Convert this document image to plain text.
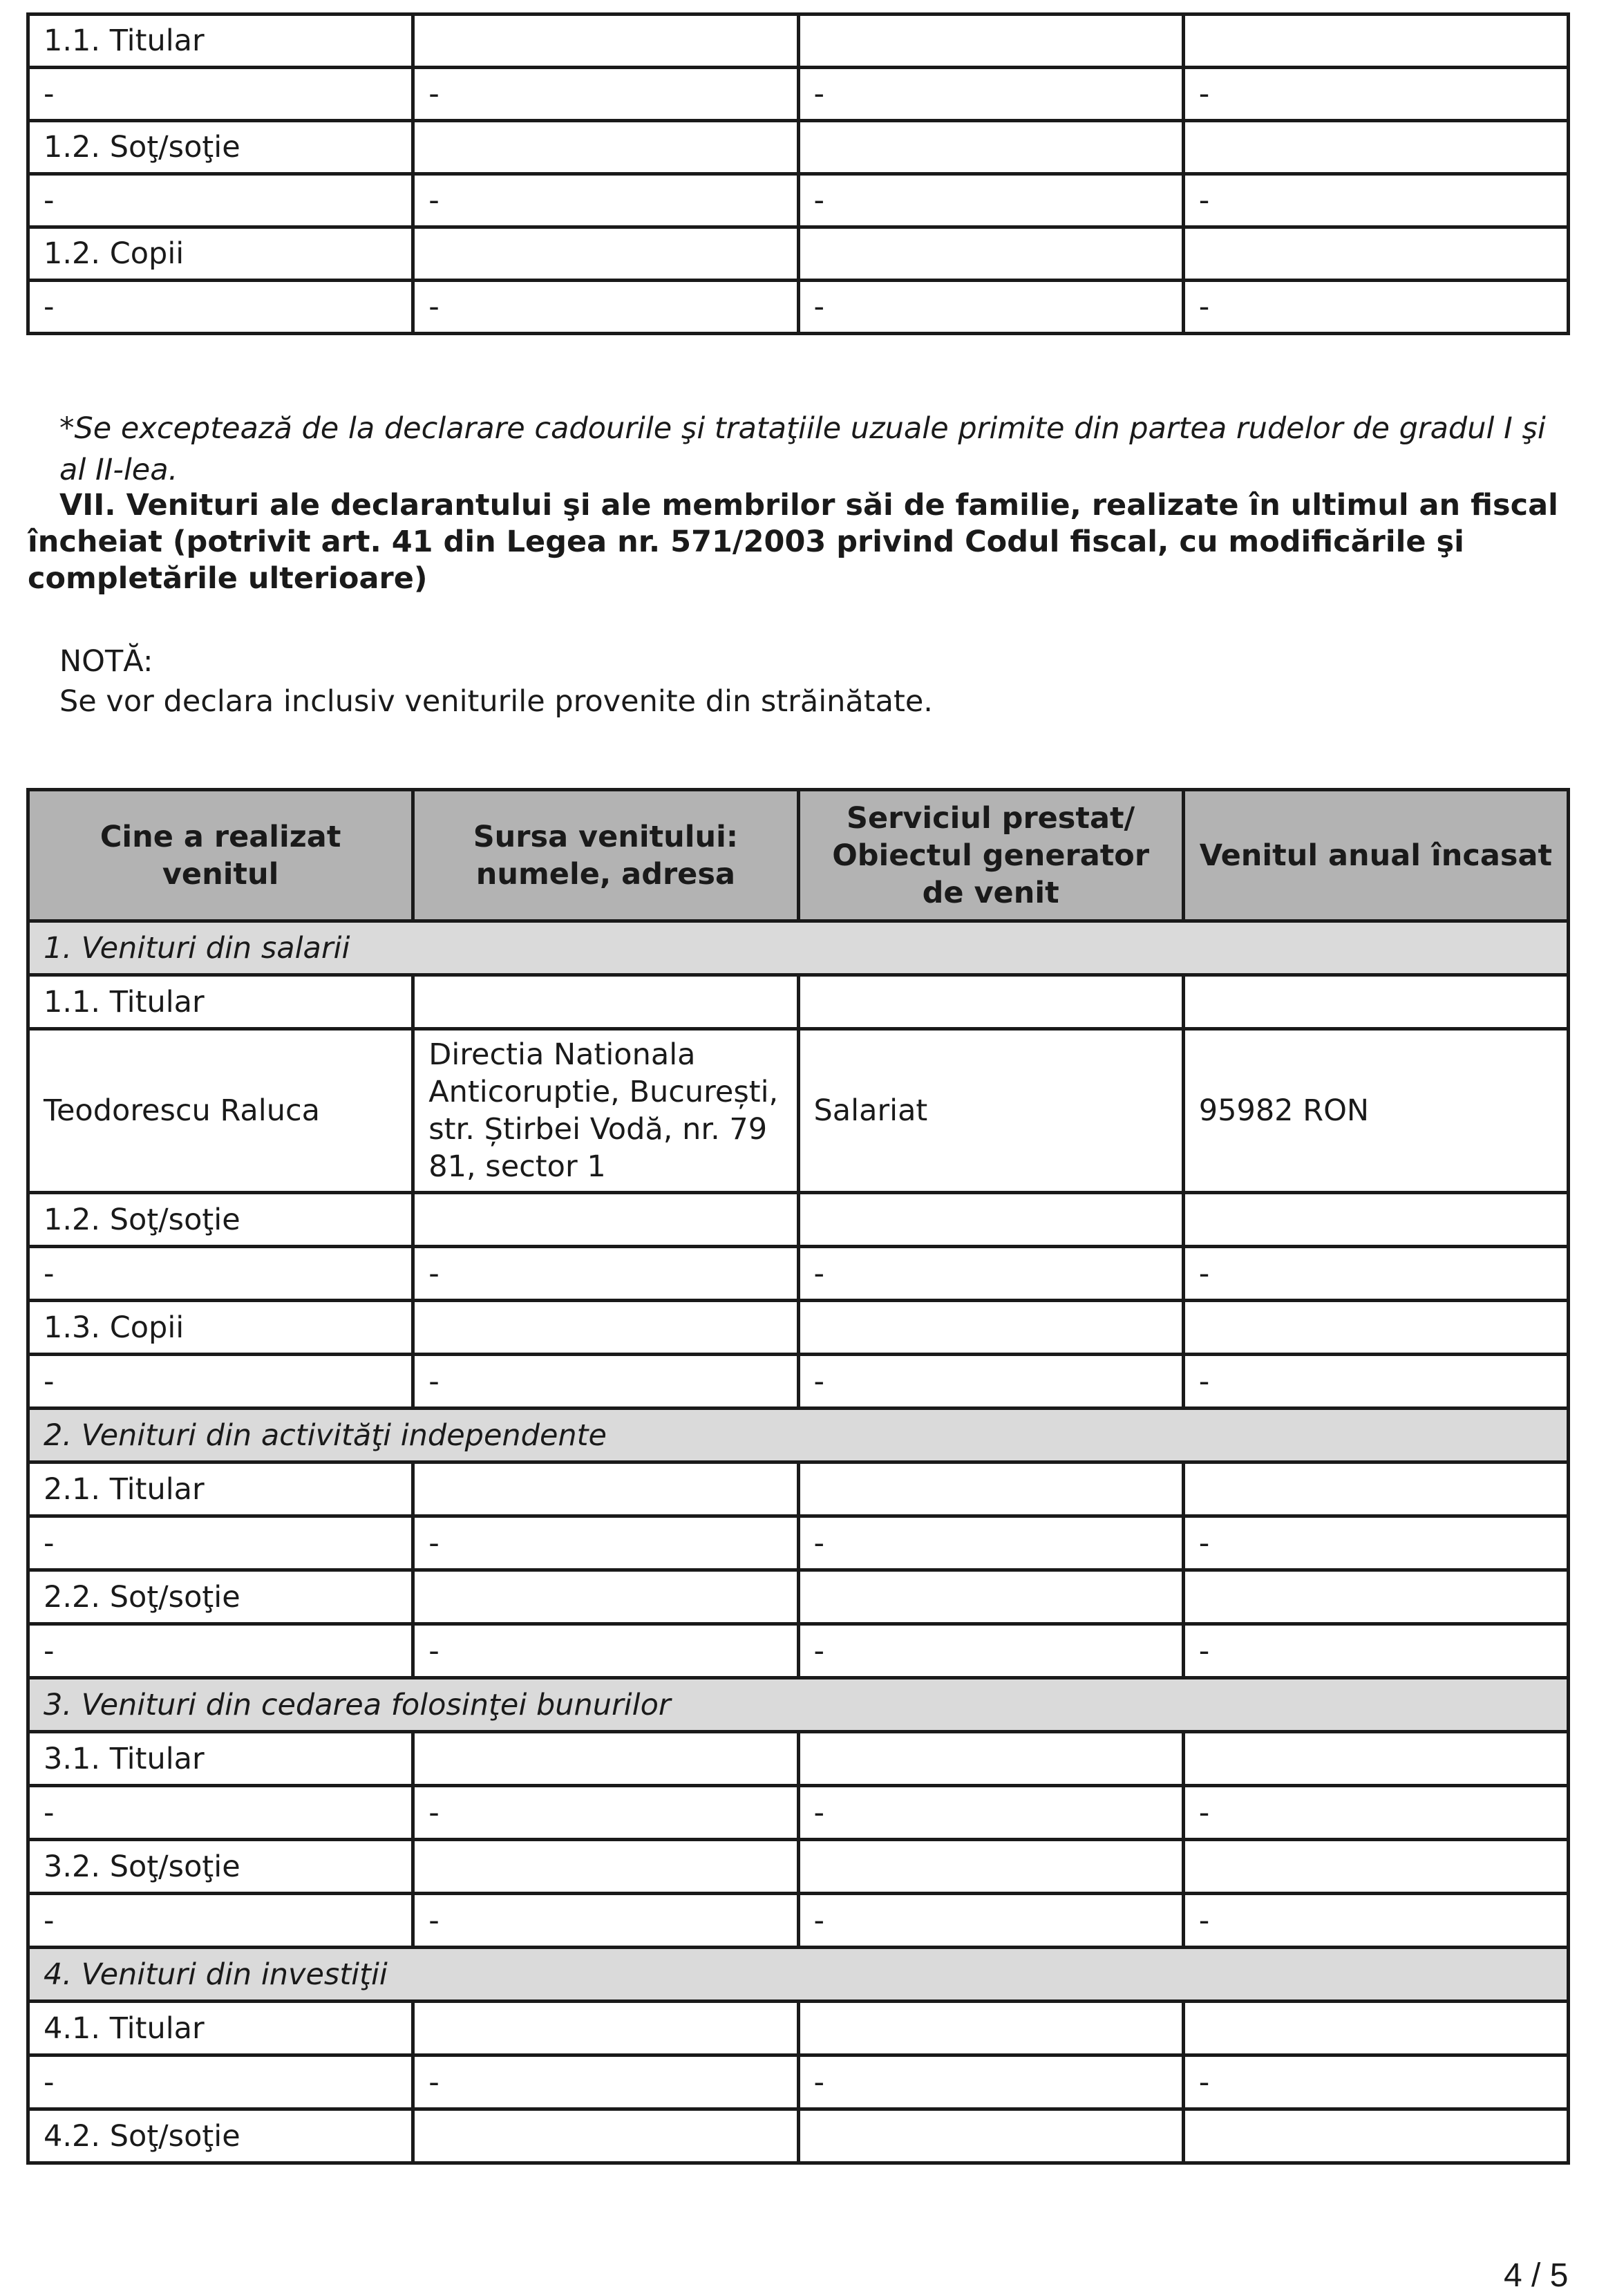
1.1. Titular			
-	-	-	-
1.2. Soţ/soţie			
-	-	-	-
1.2. Copii			
-	-	-	-
*Se exceptează de la declarare cadourile şi trataţiile uzuale primite din partea rudelor de gradul I şi al II-lea.
VII. Venituri ale declarantului şi ale membrilor săi de familie, realizate în ultimul an fiscal încheiat (potrivit art. 41 din Legea nr. 571/2003 privind Codul fiscal, cu modificările şi completările ulterioare)
NOTĂ:
Se vor declara inclusiv veniturile provenite din străinătate.
Cine a realizat venitul	Sursa venitului: numele, adresa	Serviciul prestat/ Obiectul generator de venit	Venitul anual încasat
1. Venituri din salarii			
1.1. Titular			
Teodorescu Raluca	Directia Nationala Anticoruptie, București, str. Știrbei Vodă, nr. 79 81, sector 1	Salariat	95982 RON
1.2. Soţ/soţie			
-	-	-	-
1.3. Copii			
-	-	-	-
2. Venituri din activităţi independente			
2.1. Titular			
-	-	-	-
2.2. Soţ/soţie			
-	-	-	-
3. Venituri din cedarea folosinţei bunurilor			
3.1. Titular			
-	-	-	-
3.2. Soţ/soţie			
-	-	-	-
4. Venituri din investiţii			
4.1. Titular			
-	-	-	-
4.2. Soţ/soţie			
4 / 5
